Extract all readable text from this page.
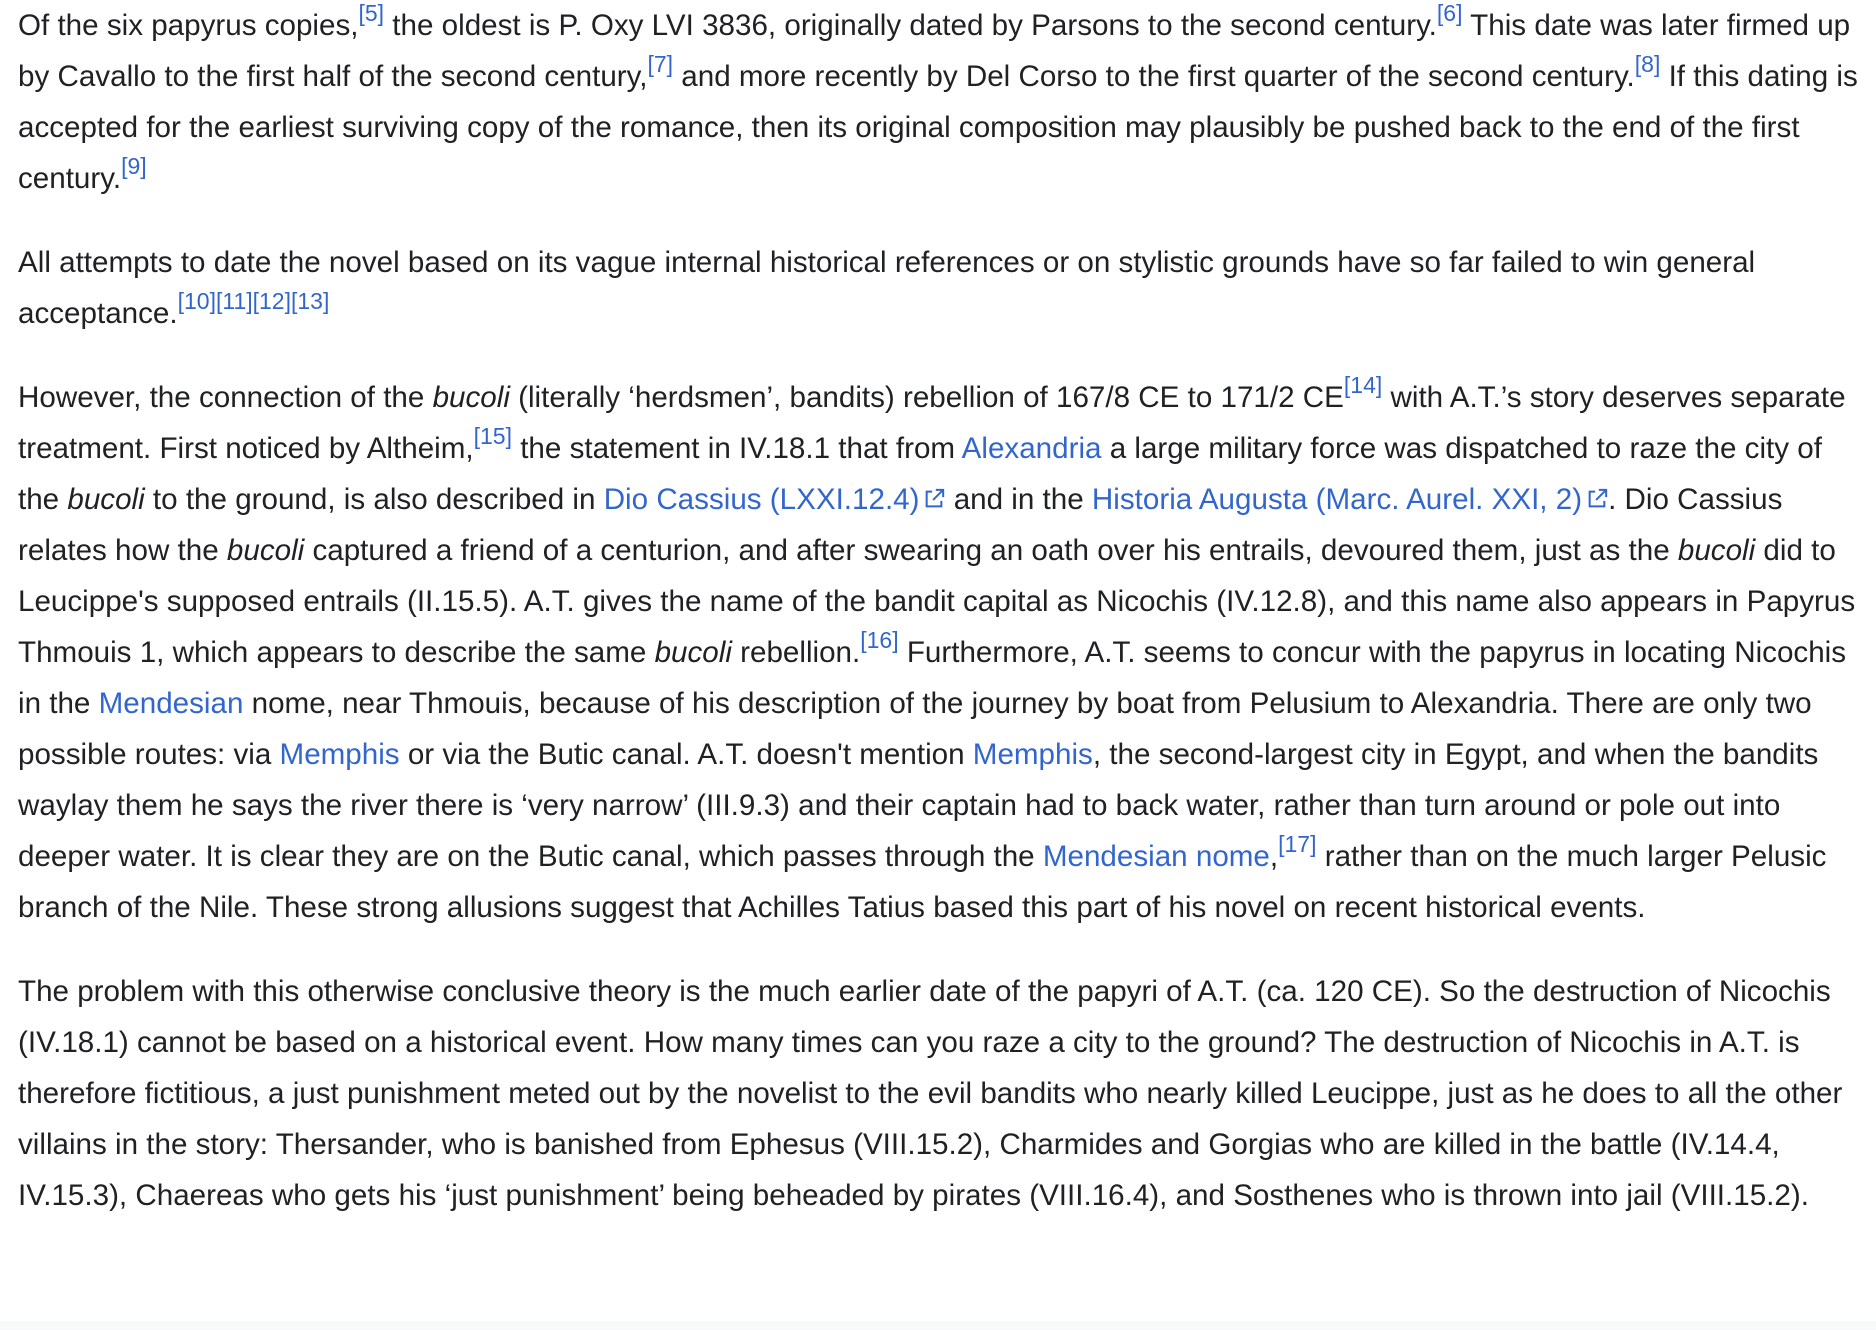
Of the six papyrus copies,[5] the oldest is P. Oxy LVI 3836, originally dated by Parsons to the second century.[6] This date was later firmed up by Cavallo to the first half of the second century,[7] and more recently by Del Corso to the first quarter of the second century.[8] If this dating is accepted for the earliest surviving copy of the romance, then its original composition may plausibly be pushed back to the end of the first century.[9]

All attempts to date the novel based on its vague internal historical references or on stylistic grounds have so far failed to win general acceptance.[10][11][12][13]

However, the connection of the bucoli (literally ‘herdsmen’, bandits) rebellion of 167/8 CE to 171/2 CE[14] with A.T.’s story deserves separate treatment. First noticed by Altheim,[15] the statement in IV.18.1 that from Alexandria a large military force was dispatched to raze the city of the bucoli to the ground, is also described in Dio Cassius (LXXI.12.4)
and in the Historia Augusta (Marc. Aurel. XXI, 2) . Dio Cassius relates how the bucoli captured a friend of a centurion, and after swearing an oath over his entrails, devoured them, just as the bucoli did to Leucippe's supposed entrails (II.15.5). A.T. gives the name of the bandit capital as Nicochis (IV.12.8), and this name also appears in Papyrus Thmouis 1, which appears to describe the same bucoli rebellion.[16] Furthermore, A.T. seems to concur with the papyrus in locating Nicochis in the Mendesian nome, near Thmouis, because of his description of the journey by boat from Pelusium to Alexandria. There are only two possible routes: via Memphis or via the Butic canal. A.T. doesn't mention Memphis, the second-largest city in Egypt, and when the bandits waylay them he says the river there is ‘very narrow’ (III.9.3) and their captain had to back water, rather than turn around or pole out into deeper water. It is clear they are on the Butic canal, which passes through the Mendesian nome,[17] rather than on the much larger Pelusic branch of the Nile. These strong allusions suggest that Achilles Tatius based this part of his novel on recent historical events.

The problem with this otherwise conclusive theory is the much earlier date of the papyri of A.T. (ca. 120 CE). So the destruction of Nicochis (IV.18.1) cannot be based on a historical event. How many times can you raze a city to the ground? The destruction of Nicochis in A.T. is therefore fictitious, a just punishment meted out by the novelist to the evil bandits who nearly killed Leucippe, just as he does to all the other villains in the story: Thersander, who is banished from Ephesus (VIII.15.2), Charmides and Gorgias who are killed in the battle (IV.14.4, IV.15.3), Chaereas who gets his ‘just punishment’ being beheaded by pirates (VIII.16.4), and Sosthenes who is thrown into jail (VIII.15.2).
